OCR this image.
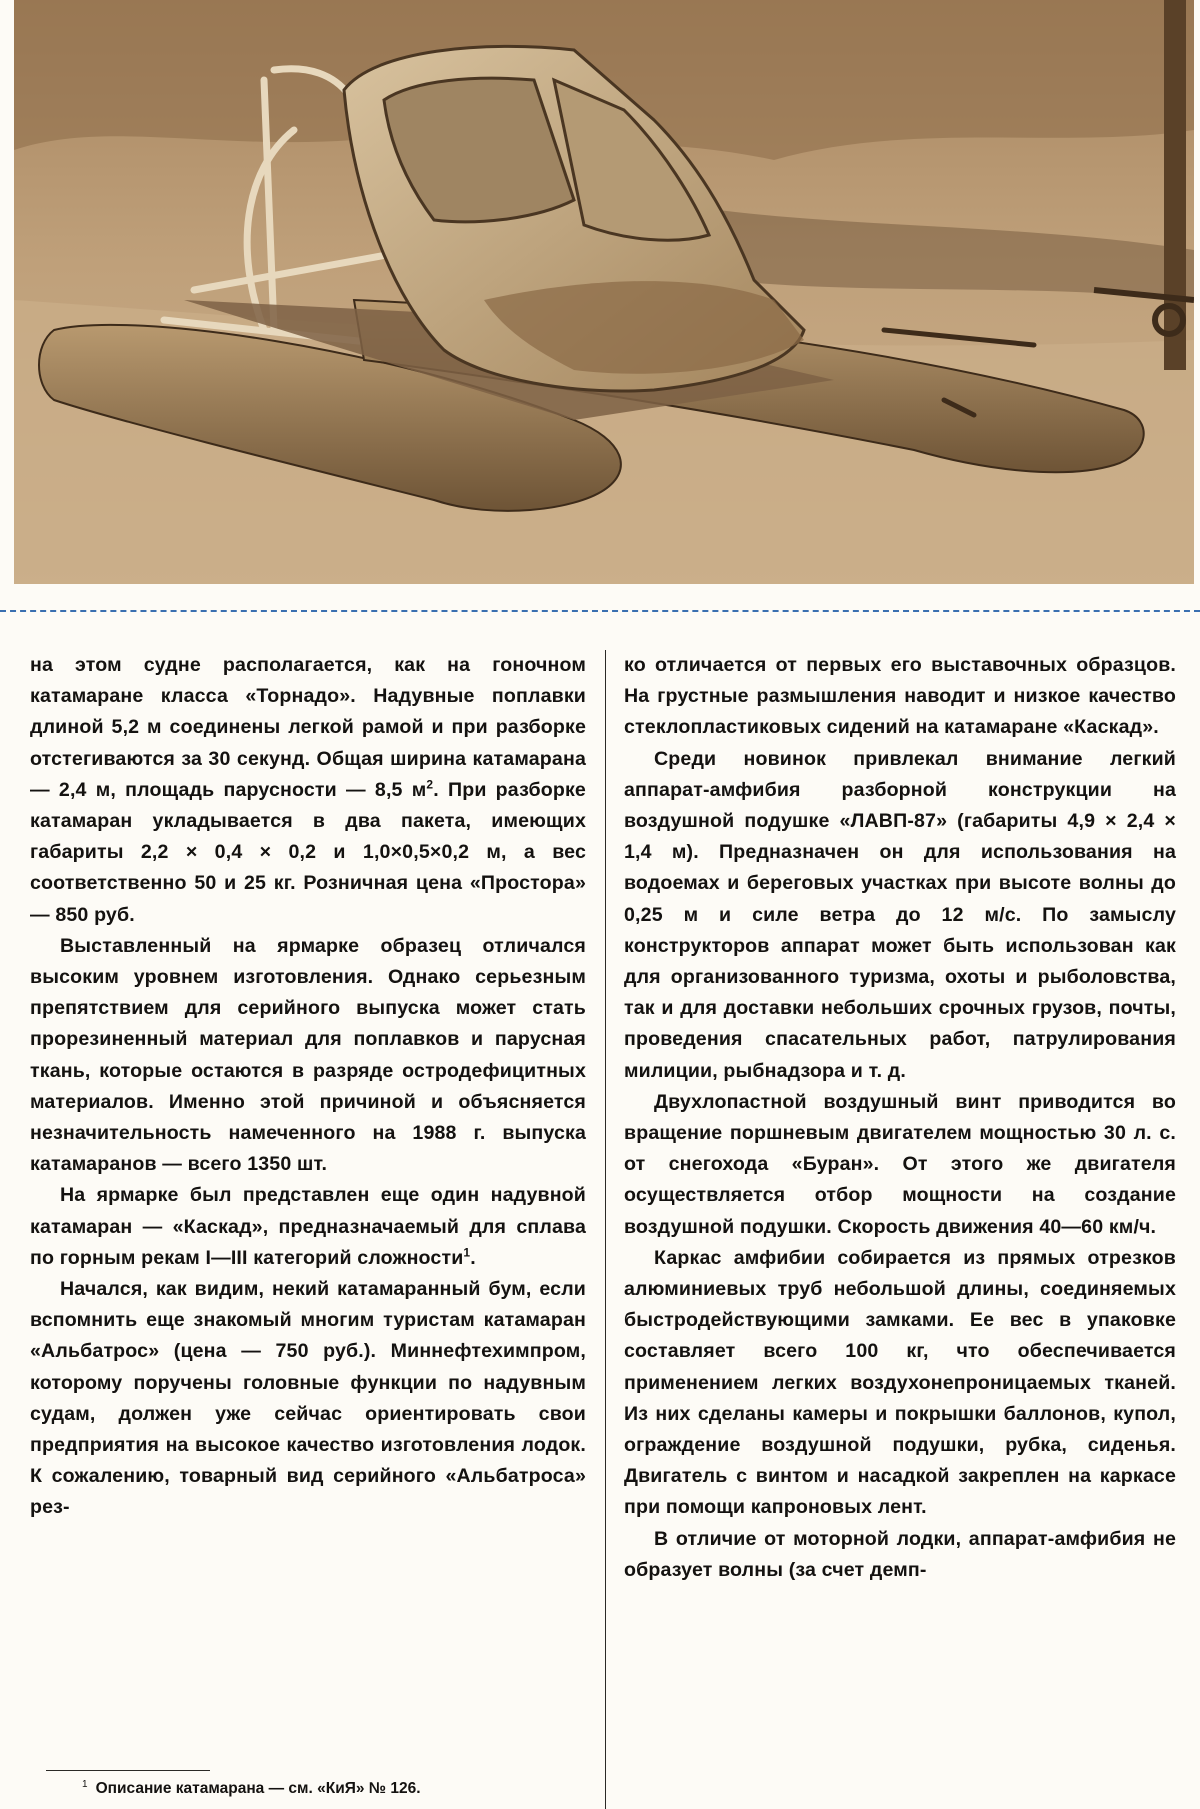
на этом судне располагается, как на гоночном катамаране класса «Торнадо». Надувные поплавки длиной 5,2 м соединены легкой рамой и при разборке отстегиваются за 30 секунд. Общая ширина катамарана — 2,4 м, площадь парусности — 8,5 $м^2$. При разборке катамаран укладывается в два пакета, имеющих габариты 2,2 × 0,4 × 0,2 и 1,0×0,5×0,2 м, а вес соответственно 50 и 25 кг. Розничная цена «Простора» — 850 руб.

Выставленный на ярмарке образец отличался высоким уровнем изготовления. Однако серьезным препятствием для серийного выпуска может стать прорезиненный материал для поплавков и парусная ткань, которые остаются в разряде остродефицитных материалов. Именно этой причиной и объясняется незначительность намеченного на 1988 г. выпуска катамаранов — всего 1350 шт.

На ярмарке был представлен еще один надувной катамаран — «Каскад», предназначаемый для сплава по горным рекам I—III категорий сложности$^1$.

Начался, как видим, некий катамаранный бум, если вспомнить еще знакомый многим туристам катамаран «Альбатрос» (цена — 750 руб.). Миннефтехимпром, которому поручены головные функции по надувным судам, должен уже сейчас ориентировать свои предприятия на высокое качество изготовления лодок. К сожалению, товарный вид серийного «Альбатроса» рез-

$^1$ Описание катамарана — см. «КиЯ» № 126.

ко отличается от первых его выставочных образцов. На грустные размышления наводит и низкое качество стеклопластиковых сидений на катамаране «Каскад».

Среди новинок привлекал внимание легкий аппарат-амфибия разборной конструкции на воздушной подушке «ЛАВП-87» (габариты 4,9 × 2,4 × 1,4 м). Предназначен он для использования на водоемах и береговых участках при высоте волны до 0,25 м и силе ветра до 12 м/с. По замыслу конструкторов аппарат может быть использован как для организованного туризма, охоты и рыболовства, так и для доставки небольших срочных грузов, почты, проведения спасательных работ, патрулирования милиции, рыбнадзора и т. д.

Двухлопастной воздушный винт приводится во вращение поршневым двигателем мощностью 30 л. с. от снегохода «Буран». От этого же двигателя осуществляется отбор мощности на создание воздушной подушки. Скорость движения 40—60 км/ч.

Каркас амфибии собирается из прямых отрезков алюминиевых труб небольшой длины, соединяемых быстродействующими замками. Ее вес в упаковке составляет всего 100 кг, что обеспечивается применением легких воздухонепроницаемых тканей. Из них сделаны камеры и покрышки баллонов, купол, ограждение воздушной подушки, рубка, сиденья. Двигатель с винтом и насадкой закреплен на каркасе при помощи капроновых лент.

В отличие от моторной лодки, аппарат-амфибия не образует волны (за счет демп-
